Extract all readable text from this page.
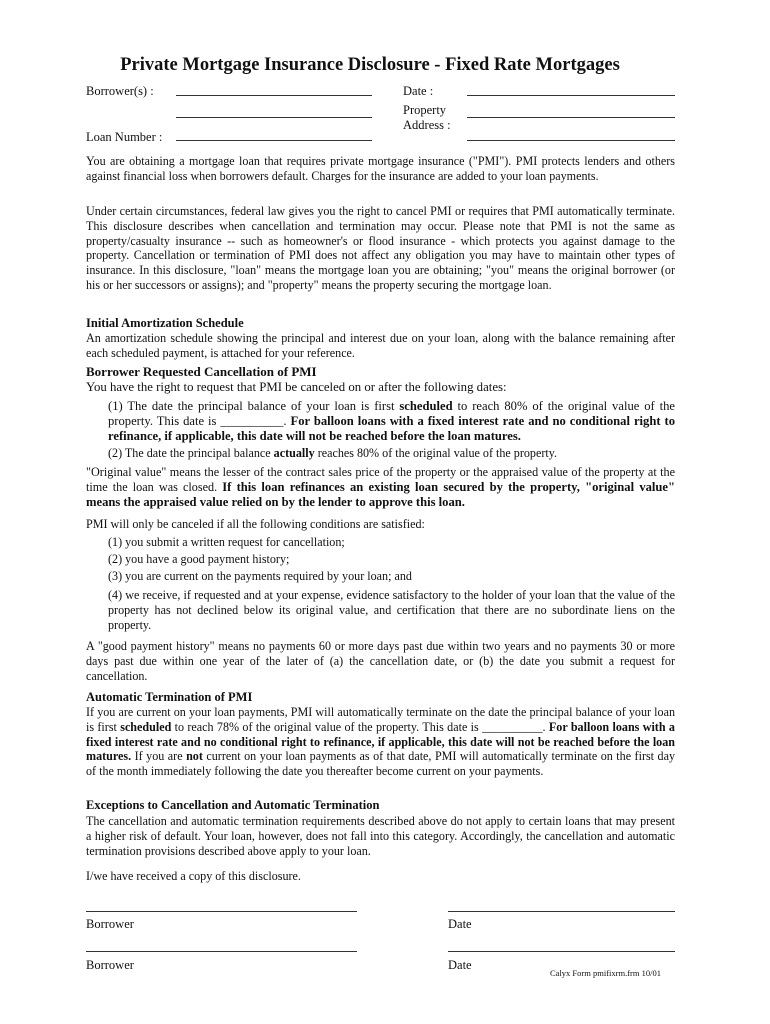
Private Mortgage Insurance Disclosure - Fixed Rate Mortgages
Borrower(s) :
Loan Number :
Date :
Property
Address :
You are obtaining a mortgage loan that requires private mortgage insurance ("PMI"). PMI protects lenders and others against financial loss when borrowers default. Charges for the insurance are added to your loan payments.
Under certain circumstances, federal law gives you the right to cancel PMI or requires that PMI automatically terminate. This disclosure describes when cancellation and termination may occur. Please note that PMI is not the same as property/casualty insurance -- such as homeowner's or flood insurance - which protects you against damage to the property. Cancellation or termination of PMI does not affect any obligation you may have to maintain other types of insurance. In this disclosure, "loan" means the mortgage loan you are obtaining; "you" means the original borrower (or his or her successors or assigns); and "property" means the property securing the mortgage loan.
Initial Amortization Schedule
An amortization schedule showing the principal and interest due on your loan, along with the balance remaining after each scheduled payment, is attached for your reference.
Borrower Requested Cancellation of PMI
You have the right to request that PMI be canceled on or after the following dates:
(1) The date the principal balance of your loan is first scheduled to reach 80% of the original value of the property. This date is __________. For balloon loans with a fixed interest rate and no conditional right to refinance, if applicable, this date will not be reached before the loan matures.
(2) The date the principal balance actually reaches 80% of the original value of the property.
"Original value" means the lesser of the contract sales price of the property or the appraised value of the property at the time the loan was closed. If this loan refinances an existing loan secured by the property, "original value" means the appraised value relied on by the lender to approve this loan.
PMI will only be canceled if all the following conditions are satisfied:
(1) you submit a written request for cancellation;
(2) you have a good payment history;
(3) you are current on the payments required by your loan; and
(4) we receive, if requested and at your expense, evidence satisfactory to the holder of your loan that the value of the property has not declined below its original value, and certification that there are no subordinate liens on the property.
A "good payment history" means no payments 60 or more days past due within two years and no payments 30 or more days past due within one year of the later of (a) the cancellation date, or (b) the date you submit a request for cancellation.
Automatic Termination of PMI
If you are current on your loan payments, PMI will automatically terminate on the date the principal balance of your loan is first scheduled to reach 78% of the original value of the property. This date is __________. For balloon loans with a fixed interest rate and no conditional right to refinance, if applicable, this date will not be reached before the loan matures. If you are not current on your loan payments as of that date, PMI will automatically terminate on the first day of the month immediately following the date you thereafter become current on your payments.
Exceptions to Cancellation and Automatic Termination
The cancellation and automatic termination requirements described above do not apply to certain loans that may present a higher risk of default. Your loan, however, does not fall into this category. Accordingly, the cancellation and automatic termination provisions described above apply to your loan.
I/we have received a copy of this disclosure.
Borrower	Date
Borrower	Date
Calyx Form pmifixrm.frm 10/01
